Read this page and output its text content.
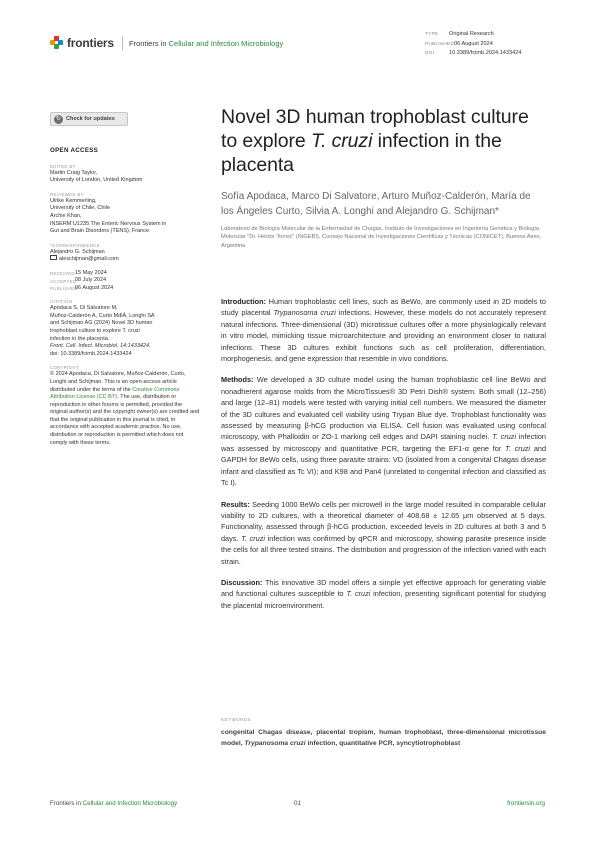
frontiers Frontiers in Cellular and Infection Microbiology
TYPE Original Research
PUBLISHED06 August 2024
DOI	10.3389/fcimb.2024.1433424
↻ Check for updates
OPEN ACCESS
EDITED BY
Martin Craig Taylor,
University of London, United Kingdom
REVIEWED BY
Ulrike Kemmerling,
University of Chile, Chile
Archie Khan,
INSERM U1235 The Enteric Nervous System in
Gut and Brain Disorders (TENS), France
*CORRESPONDENCE
Alejandro G. Schijman
aleschijman@gmail.com
RECEIVED 15 May 2024
ACCEPTED
08 July 2024
PUBLISHED
06 August 2024
CITATION
Apodaca S, Di Salvatore M,
Muñoz-Calderón A, Curto MdlÁ, Longhi SA
and Schijman AG (2024) Novel 3D human
trophoblast culture to explore T. cruzi
infection in the placenta.
Front. Cell. Infect. Microbiol. 14:1433424.
doi: 10.3389/fcimb.2024.1433424
COPYRIGHT
© 2024 Apodaca, Di Salvatore, Muñoz-Calderón, Curto, Longhi and Schijman. This is an open-access article distributed under the terms of the Creative Commons Attribution License (CC BY). The use, distribution or reproduction in other forums is permitted, provided the original author(s) and the copyright owner(s) are credited and that the original publication in this journal is cited, in accordance with accepted academic practice. No use, distribution or reproduction is permitted which does not comply with these terms.
Novel 3D human trophoblast culture to explore T. cruzi infection in the placenta
Sofía Apodaca, Marco Di Salvatore, Arturo Muñoz-Calderón, María de los Ángeles Curto, Silvia A. Longhi and Alejandro G. Schijman*
Laboratorio de Biología Molecular de la Enfermedad de Chagas, Instituto de Investigaciones en Ingeniería Genética y Biología Molecular "Dr. Héctor Torres" (INGEBI), Consejo Nacional de Investigaciones Científicas y Técnicas (CONICET), Buenos Aires, Argentina

Introduction: Human trophoblastic cell lines, such as BeWo, are commonly used in 2D models to study placental Trypanosoma cruzi infections. However, these models do not accurately represent natural infections. Three-dimensional (3D) microtissue cultures offer a more physiologically relevant in vitro model, mimicking tissue microarchitecture and providing an environment closer to natural infections. These 3D cultures exhibit functions such as cell proliferation, differentiation, morphogenesis, and gene expression that resemble in vivo conditions.

Methods: We developed a 3D culture model using the human trophoblastic cell line BeWo and nonadherent agarose molds from the MicroTissues® 3D Petri Dish® system. Both small (12–256) and large (12–81) models were tested with varying initial cell numbers. We measured the diameter of the 3D cultures and evaluated cell viability using Trypan Blue dye. Trophoblast functionality was assessed by measuring β-hCG production via ELISA. Cell fusion was evaluated using confocal microscopy, with Phalloidin or ZO-1 marking cell edges and DAPI staining nuclei. T. cruzi infection was assessed by microscopy and quantitative PCR, targeting the EF1-α gene for T. cruzi and GAPDH for BeWo cells, using three parasite strains: VD (isolated from a congenital Chagas disease infant and classified as Tc VI); and K98 and Pan4 (unrelated to congenital infection and classified as Tc I).

Results: Seeding 1000 BeWo cells per microwell in the large model resulted in comparable cellular viability to 2D cultures, with a theoretical diameter of 408.68 ± 12.65 μm observed at 5 days. Functionality, assessed through β-hCG production, exceeded levels in 2D cultures at both 3 and 5 days. T. cruzi infection was confirmed by qPCR and microscopy, showing parasite presence inside the cells for all three tested strains. The distribution and progression of the infection varied with each strain.

Discussion: This innovative 3D model offers a simple yet effective approach for generating viable and functional cultures susceptible to T. cruzi infection, presenting significant potential for studying the placental microenvironment.

KEYWORDS
congenital Chagas disease, placental tropism, human trophoblast, three-dimensional microtissue model, Trypanosoma cruzi infection, quantitative PCR, syncytiotrophoblast
Frontiers in Cellular and Infection Microbiology	01	frontiersin.org
